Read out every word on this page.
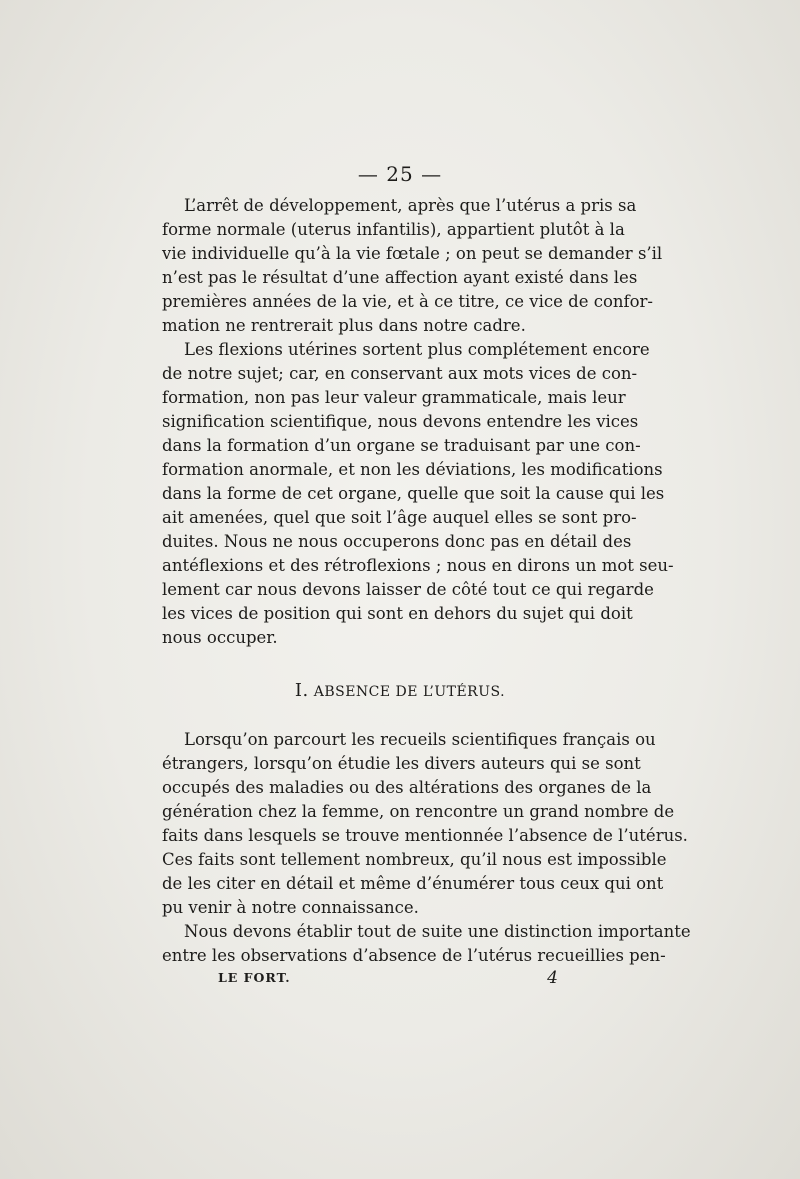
— 25 —
L’arrêt de développement, après que l’utérus a pris sa
forme normale (uterus infantilis), appartient plutôt à la
vie individuelle qu’à la vie fœtale ; on peut se demander s’il
n’est pas le résultat d’une affection ayant existé dans les
premières années de la vie, et à ce titre, ce vice de confor-
mation ne rentrerait plus dans notre cadre.
Les flexions utérines sortent plus complétement encore
de notre sujet; car, en conservant aux mots vices de con-
formation, non pas leur valeur grammaticale, mais leur
signification scientifique, nous devons entendre les vices
dans la formation d’un organe se traduisant par une con-
formation anormale, et non les déviations, les modifications
dans la forme de cet organe, quelle que soit la cause qui les
ait amenées, quel que soit l’âge auquel elles se sont pro-
duites. Nous ne nous occuperons donc pas en détail des
antéflexions et des rétroflexions ; nous en dirons un mot seu-
lement car nous devons laisser de côté tout ce qui regarde
les vices de position qui sont en dehors du sujet qui doit
nous occuper.
I. ABSENCE DE L’UTÉRUS.
Lorsqu’on parcourt les recueils scientifiques français ou
étrangers, lorsqu’on étudie les divers auteurs qui se sont
occupés des maladies ou des altérations des organes de la
génération chez la femme, on rencontre un grand nombre de
faits dans lesquels se trouve mentionnée l’absence de l’utérus.
Ces faits sont tellement nombreux, qu’il nous est impossible
de les citer en détail et même d’énumérer tous ceux qui ont
pu venir à notre connaissance.
Nous devons établir tout de suite une distinction importante
entre les observations d’absence de l’utérus recueillies pen-
LE FORT.	4
